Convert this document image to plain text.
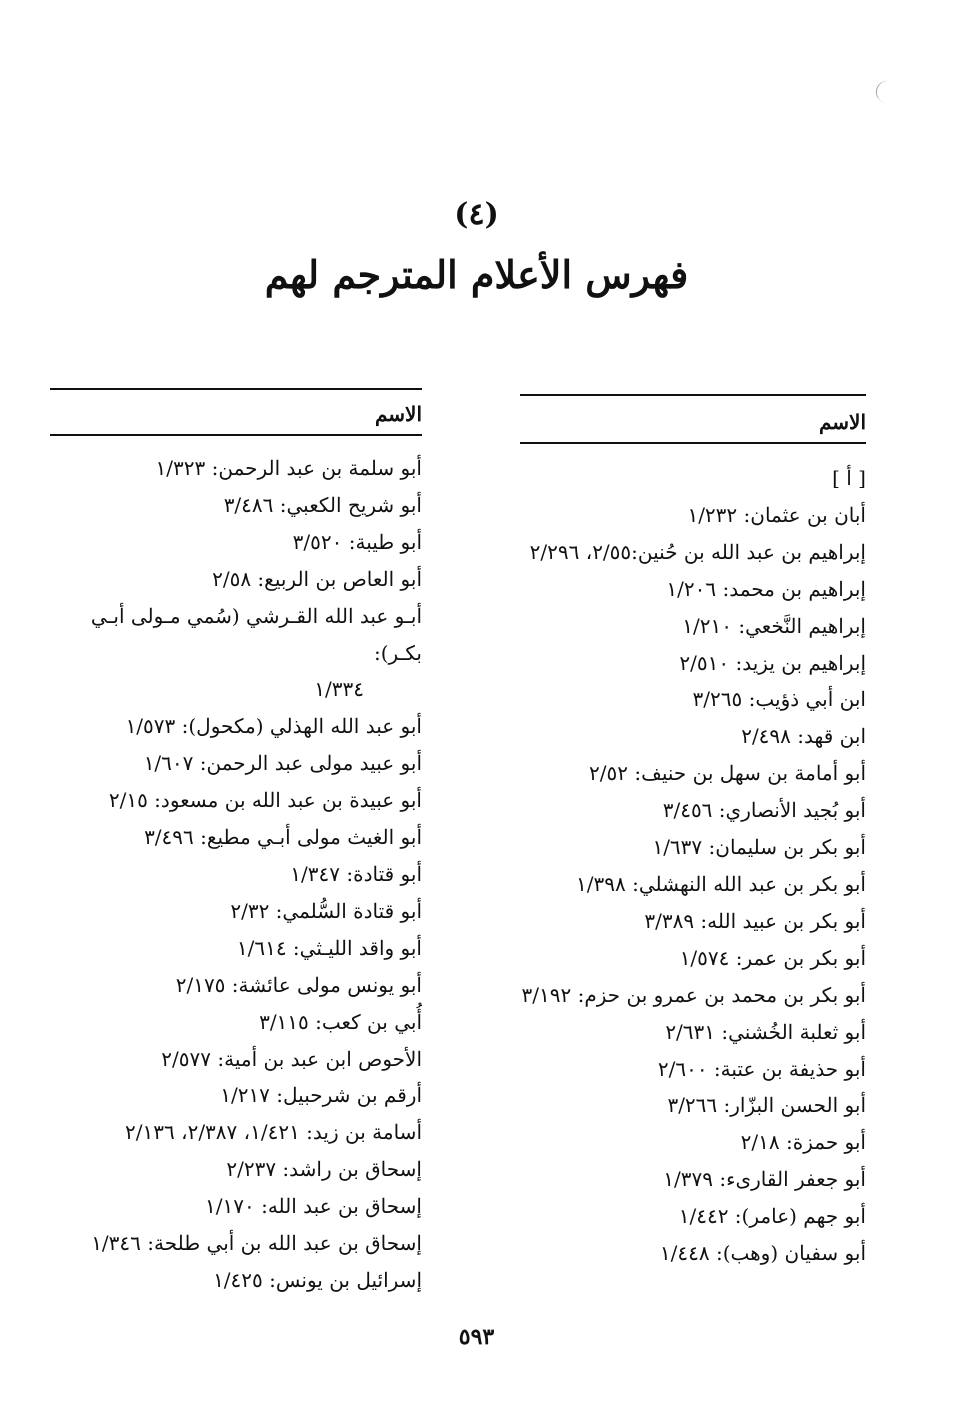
(٤)
فهرس الأعلام المترجم لهم
الاسم
[ أ ]
أبان بن عثمان: ١/٢٣٢
إبراهيم بن عبد الله بن حُنين:٢/٥٥، ٢/٢٩٦
إبراهيم بن محمد: ١/٢٠٦
إبراهيم النَّخعي: ١/٢١٠
إبراهيم بن يزيد: ٢/٥١٠
ابن أبي ذؤيب: ٣/٢٦٥
ابن قهد: ٢/٤٩٨
أبو أمامة بن سهل بن حنيف: ٢/٥٢
أبو بُجيد الأنصاري: ٣/٤٥٦
أبو بكر بن سليمان: ١/٦٣٧
أبو بكر بن عبد الله النهشلي: ١/٣٩٨
أبو بكر بن عبيد الله: ٣/٣٨٩
أبو بكر بن عمر: ١/٥٧٤
أبو بكر بن محمد بن عمرو بن حزم: ٣/١٩٢
أبو ثعلبة الخُشني: ٢/٦٣١
أبو حذيفة بن عتبة: ٢/٦٠٠
أبو الحسن البزّار: ٣/٢٦٦
أبو حمزة: ٢/١٨
أبو جعفر القارىء: ١/٣٧٩
أبو جهم (عامر): ١/٤٤٢
أبو سفيان (وهب): ١/٤٤٨
الاسم
أبو سلمة بن عبد الرحمن: ١/٣٢٣
أبو شريح الكعبي: ٣/٤٨٦
أبو طيبة: ٣/٥٢٠
أبو العاص بن الربيع: ٢/٥٨
أبـو عبد الله القـرشي (سُمي مـولى أبـي بكـر):
١/٣٣٤
أبو عبد الله الهذلي (مكحول): ١/٥٧٣
أبو عبيد مولى عبد الرحمن: ١/٦٠٧
أبو عبيدة بن عبد الله بن مسعود: ٢/١٥
أبو الغيث مولى أبـي مطيع: ٣/٤٩٦
أبو قتادة: ١/٣٤٧
أبو قتادة السُّلمي: ٢/٣٢
أبو واقد الليـثي: ١/٦١٤
أبو يونس مولى عائشة: ٢/١٧٥
أُبي بن كعب: ٣/١١٥
الأحوص ابن عبد بن أمية: ٢/٥٧٧
أرقم بن شرحبيل: ١/٢١٧
أسامة بن زيد: ١/٤٢١، ٢/٣٨٧، ٢/١٣٦
إسحاق بن راشد: ٢/٢٣٧
إسحاق بن عبد الله: ١/١٧٠
إسحاق بن عبد الله بن أبي طلحة: ١/٣٤٦
إسرائيل بن يونس: ١/٤٢٥
٥٩٣
